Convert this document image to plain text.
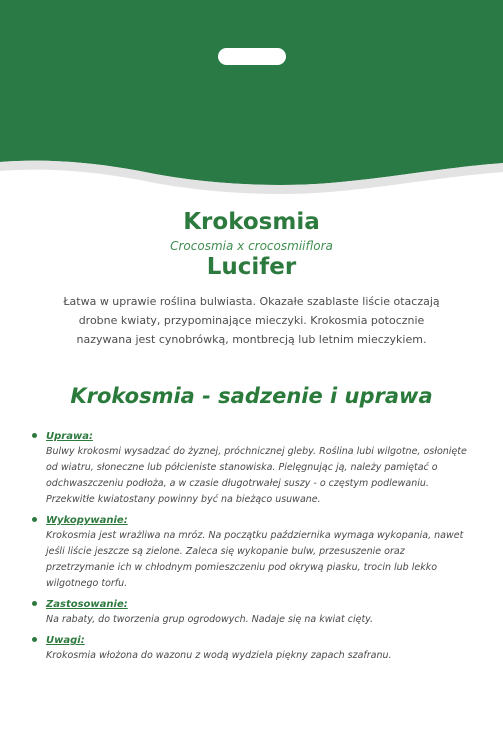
Krokosmia
Crocosmia x crocosmiiflora
Lucifer
Łatwa w uprawie roślina bulwiasta. Okazałe szablaste liście otaczają drobne kwiaty, przypominające mieczyki. Krokosmia potocznie nazywana jest cynobrówką, montbrecją lub letnim mieczykiem.
Krokosmia - sadzenie i uprawa
Uprawa:
Bulwy krokosmi wysadzać do żyznej, próchnicznej gleby. Roślina lubi wilgotne, osłonięte od wiatru, słoneczne lub półcieniste stanowiska. Pielęgnując ją, należy pamiętać o odchwaszczeniu podłoża, a w czasie długotrwałej suszy - o częstym podlewaniu. Przekwitłe kwiatostany powinny być na bieżąco usuwane.
Wykopywanie:
Krokosmia jest wrażliwa na mróz. Na początku października wymaga wykopania, nawet jeśli liście jeszcze są zielone. Zaleca się wykopanie bulw, przesuszenie oraz przetrzymanie ich w chłodnym pomieszczeniu pod okrywą piasku, trocin lub lekko wilgotnego torfu.
Zastosowanie:
Na rabaty, do tworzenia grup ogrodowych. Nadaje się na kwiat cięty.
Uwagi:
Krokosmia włożona do wazonu z wodą wydziela piękny zapach szafranu.
